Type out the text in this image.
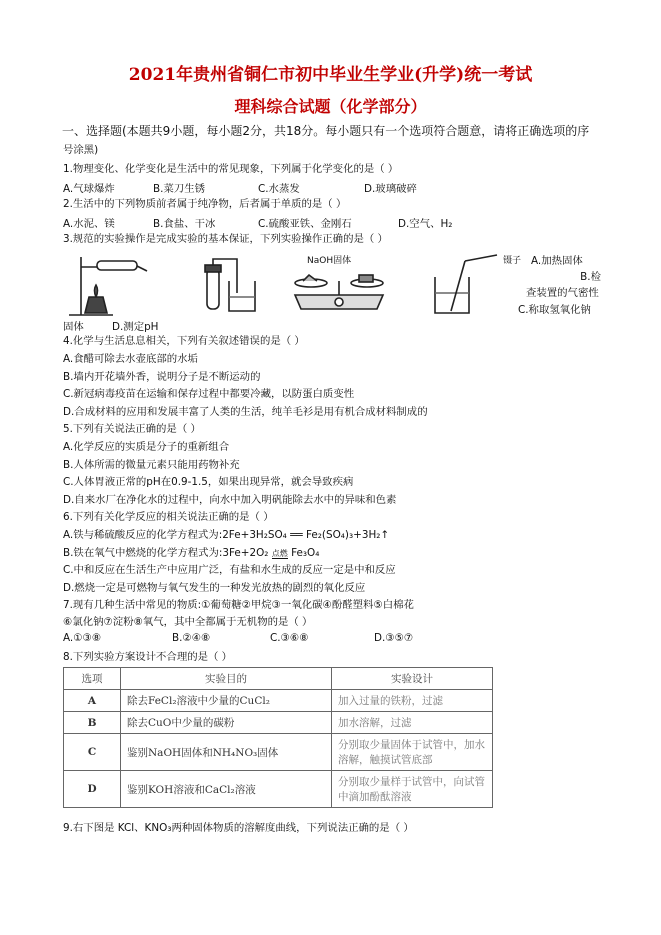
2021年贵州省铜仁市初中毕业生学业(升学)统一考试
理科综合试题（化学部分）
一、选择题(本题共9小题，每小题2分，共18分。每小题只有一个选项符合题意，请将正确选项的序
号涂黑)
1.物理变化、化学变化是生活中的常见现象，下列属于化学变化的是（ ）
A.气球爆炸	B.菜刀生锈	C.水蒸发	D.玻璃破碎
2.生活中的下列物质前者属于纯净物，后者属于单质的是（ ）
A.水泥、镁	B.食盐、干冰	C.硫酸亚铁、金刚石	D.空气、H₂
3.规范的实验操作是完成实验的基本保证，下列实验操作正确的是（ ）
NaOH固体	镊子 A.加热固体
B.检
查装置的气密性
C.称取氢氧化钠
固体	D.测定pH
4.化学与生活息息相关，下列有关叙述错误的是（ ）
A.食醋可除去水壶底部的水垢
B.墙内开花墙外香，说明分子是不断运动的
C.新冠病毒疫苗在运输和保存过程中都要冷藏，以防蛋白质变性
D.合成材料的应用和发展丰富了人类的生活，纯羊毛衫是用有机合成材料制成的
5.下列有关说法正确的是（ ）
A.化学反应的实质是分子的重新组合
B.人体所需的微量元素只能用药物补充
C.人体胃液正常的pH在0.9-1.5，如果出现异常，就会导致疾病
D.自来水厂在净化水的过程中，向水中加入明矾能除去水中的异味和色素
6.下列有关化学反应的相关说法正确的是（ ）
A.铁与稀硫酸反应的化学方程式为:2Fe+3H₂SO₄ ══ Fe₂(SO₄)₃+3H₂↑
B.铁在氧气中燃烧的化学方程式为:3Fe+2O₂ 点燃 Fe₃O₄
C.中和反应在生活生产中应用广泛，有盐和水生成的反应一定是中和反应
D.燃烧一定是可燃物与氧气发生的一种发光放热的剧烈的氧化反应
7.现有几种生活中常见的物质:①葡萄糖②甲烷③一氧化碳④酚醛塑料⑤白棉花
⑥氯化钠⑦淀粉⑧氧气，其中全都属于无机物的是（ ）
A.①③⑧	B.②④⑧	C.③⑥⑧	D.③⑤⑦
8.下列实验方案设计不合理的是（ ）
选项	实验目的	实验设计
A	除去FeCl₂溶液中少量的CuCl₂	加入过量的铁粉，过滤
B	除去CuO中少量的碳粉	加水溶解，过滤
C	鉴别NaOH固体和NH₄NO₃固体	分别取少量固体于试管中，加水溶解，触摸试管底部
D	鉴别KOH溶液和CaCl₂溶液	分别取少量样于试管中，向试管中滴加酚酞溶液
9.右下图是 KCl、KNO₃两种固体物质的溶解度曲线，下列说法正确的是（ ）
